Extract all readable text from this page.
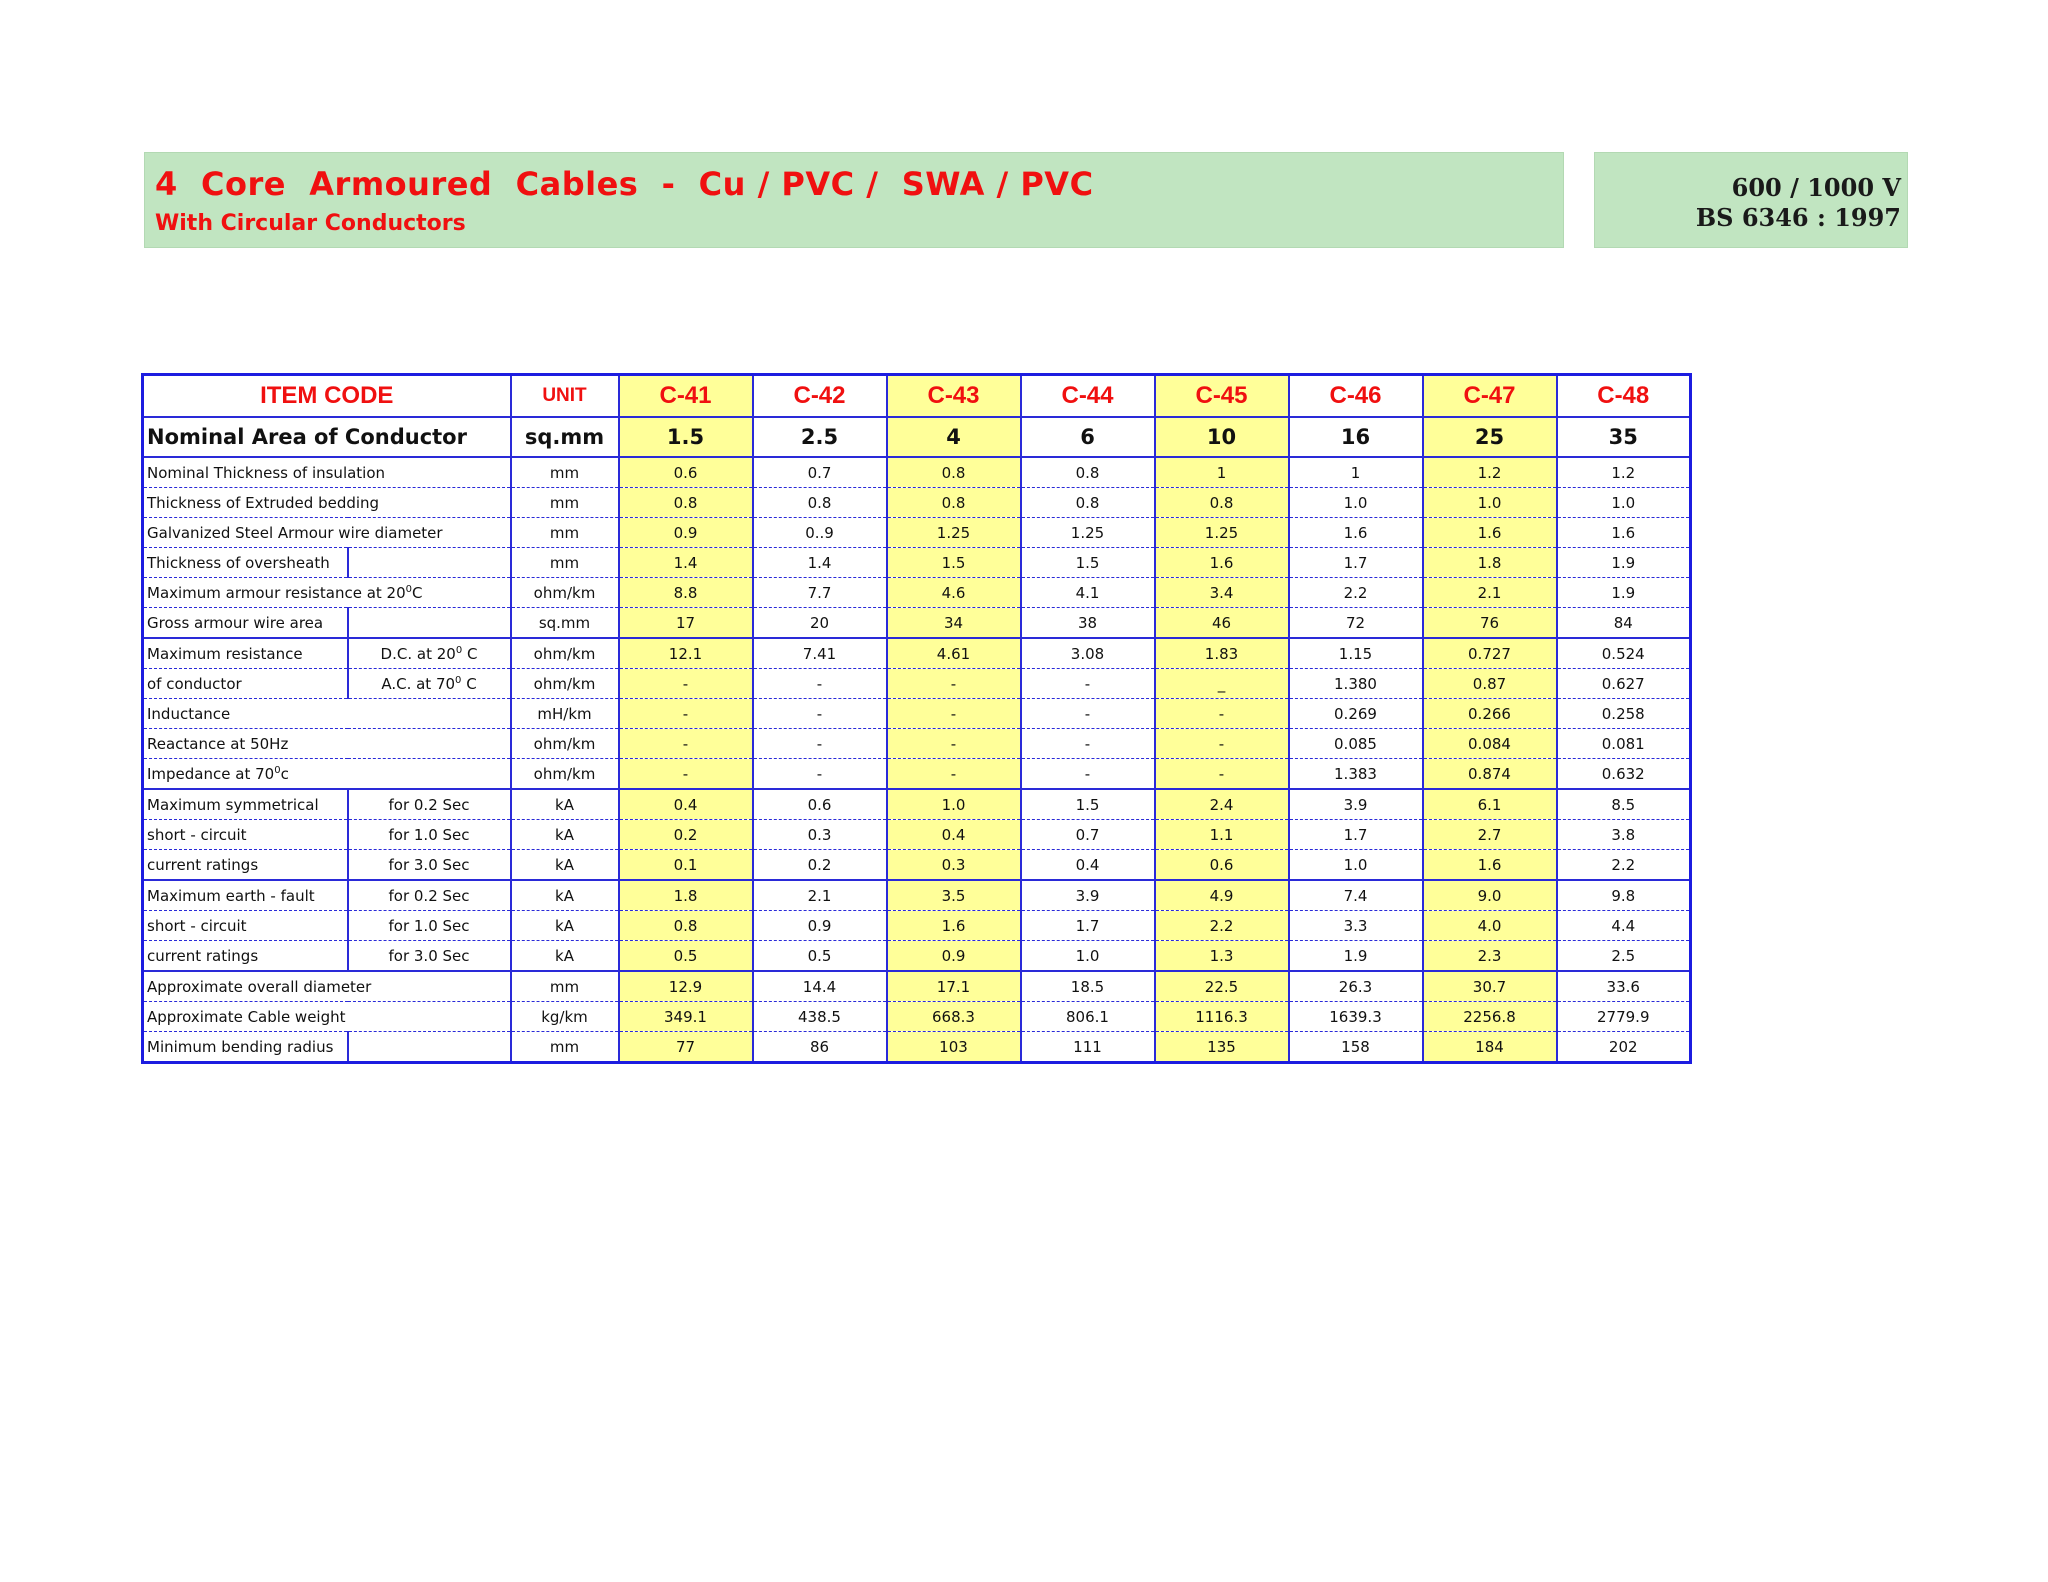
4  Core  Armoured  Cables  -  Cu / PVC /  SWA / PVC
With Circular Conductors
600 / 1000 V
BS 6346 : 1997
ITEM CODE		UNIT	C-41	C-42	C-43	C-44	C-45	C-46	C-47	C-48
Nominal Area of Conductor		sq.mm	1.5	2.5	4	6	10	16	25	35
Nominal Thickness of insulation		mm	0.6	0.7	0.8	0.8	1	1	1.2	1.2
Thickness of Extruded bedding		mm	0.8	0.8	0.8	0.8	0.8	1.0	1.0	1.0
Galvanized Steel Armour wire diameter		mm	0.9	0..9	1.25	1.25	1.25	1.6	1.6	1.6
Thickness of oversheath		mm	1.4	1.4	1.5	1.5	1.6	1.7	1.8	1.9
Maximum armour resistance at $20^0C$		ohm/km	8.8	7.7	4.6	4.1	3.4	2.2	2.1	1.9
Gross armour wire area		sq.mm	17	20	34	38	46	72	76	84
Maximum resistance	D.C. at $20^0$ C	ohm/km	12.1	7.41	4.61	3.08	1.83	1.15	0.727	0.524
of conductor	A.C. at $70^0$ C	ohm/km	-	-	-	-	_	1.380	0.87	0.627
Inductance		mH/km	-	-	-	-	-	0.269	0.266	0.258
Reactance at 50Hz		ohm/km	-	-	-	-	-	0.085	0.084	0.081
Impedance at $70^0c$		ohm/km	-	-	-	-	-	1.383	0.874	0.632
Maximum symmetrical	for 0.2 Sec	kA	0.4	0.6	1.0	1.5	2.4	3.9	6.1	8.5
short - circuit	for 1.0 Sec	kA	0.2	0.3	0.4	0.7	1.1	1.7	2.7	3.8
current ratings	for 3.0 Sec	kA	0.1	0.2	0.3	0.4	0.6	1.0	1.6	2.2
Maximum earth - fault	for 0.2 Sec	kA	1.8	2.1	3.5	3.9	4.9	7.4	9.0	9.8
short - circuit	for 1.0 Sec	kA	0.8	0.9	1.6	1.7	2.2	3.3	4.0	4.4
current ratings	for 3.0 Sec	kA	0.5	0.5	0.9	1.0	1.3	1.9	2.3	2.5
Approximate overall diameter		mm	12.9	14.4	17.1	18.5	22.5	26.3	30.7	33.6
Approximate Cable weight		kg/km	349.1	438.5	668.3	806.1	1116.3	1639.3	2256.8	2779.9
Minimum bending radius		mm	77	86	103	111	135	158	184	202
